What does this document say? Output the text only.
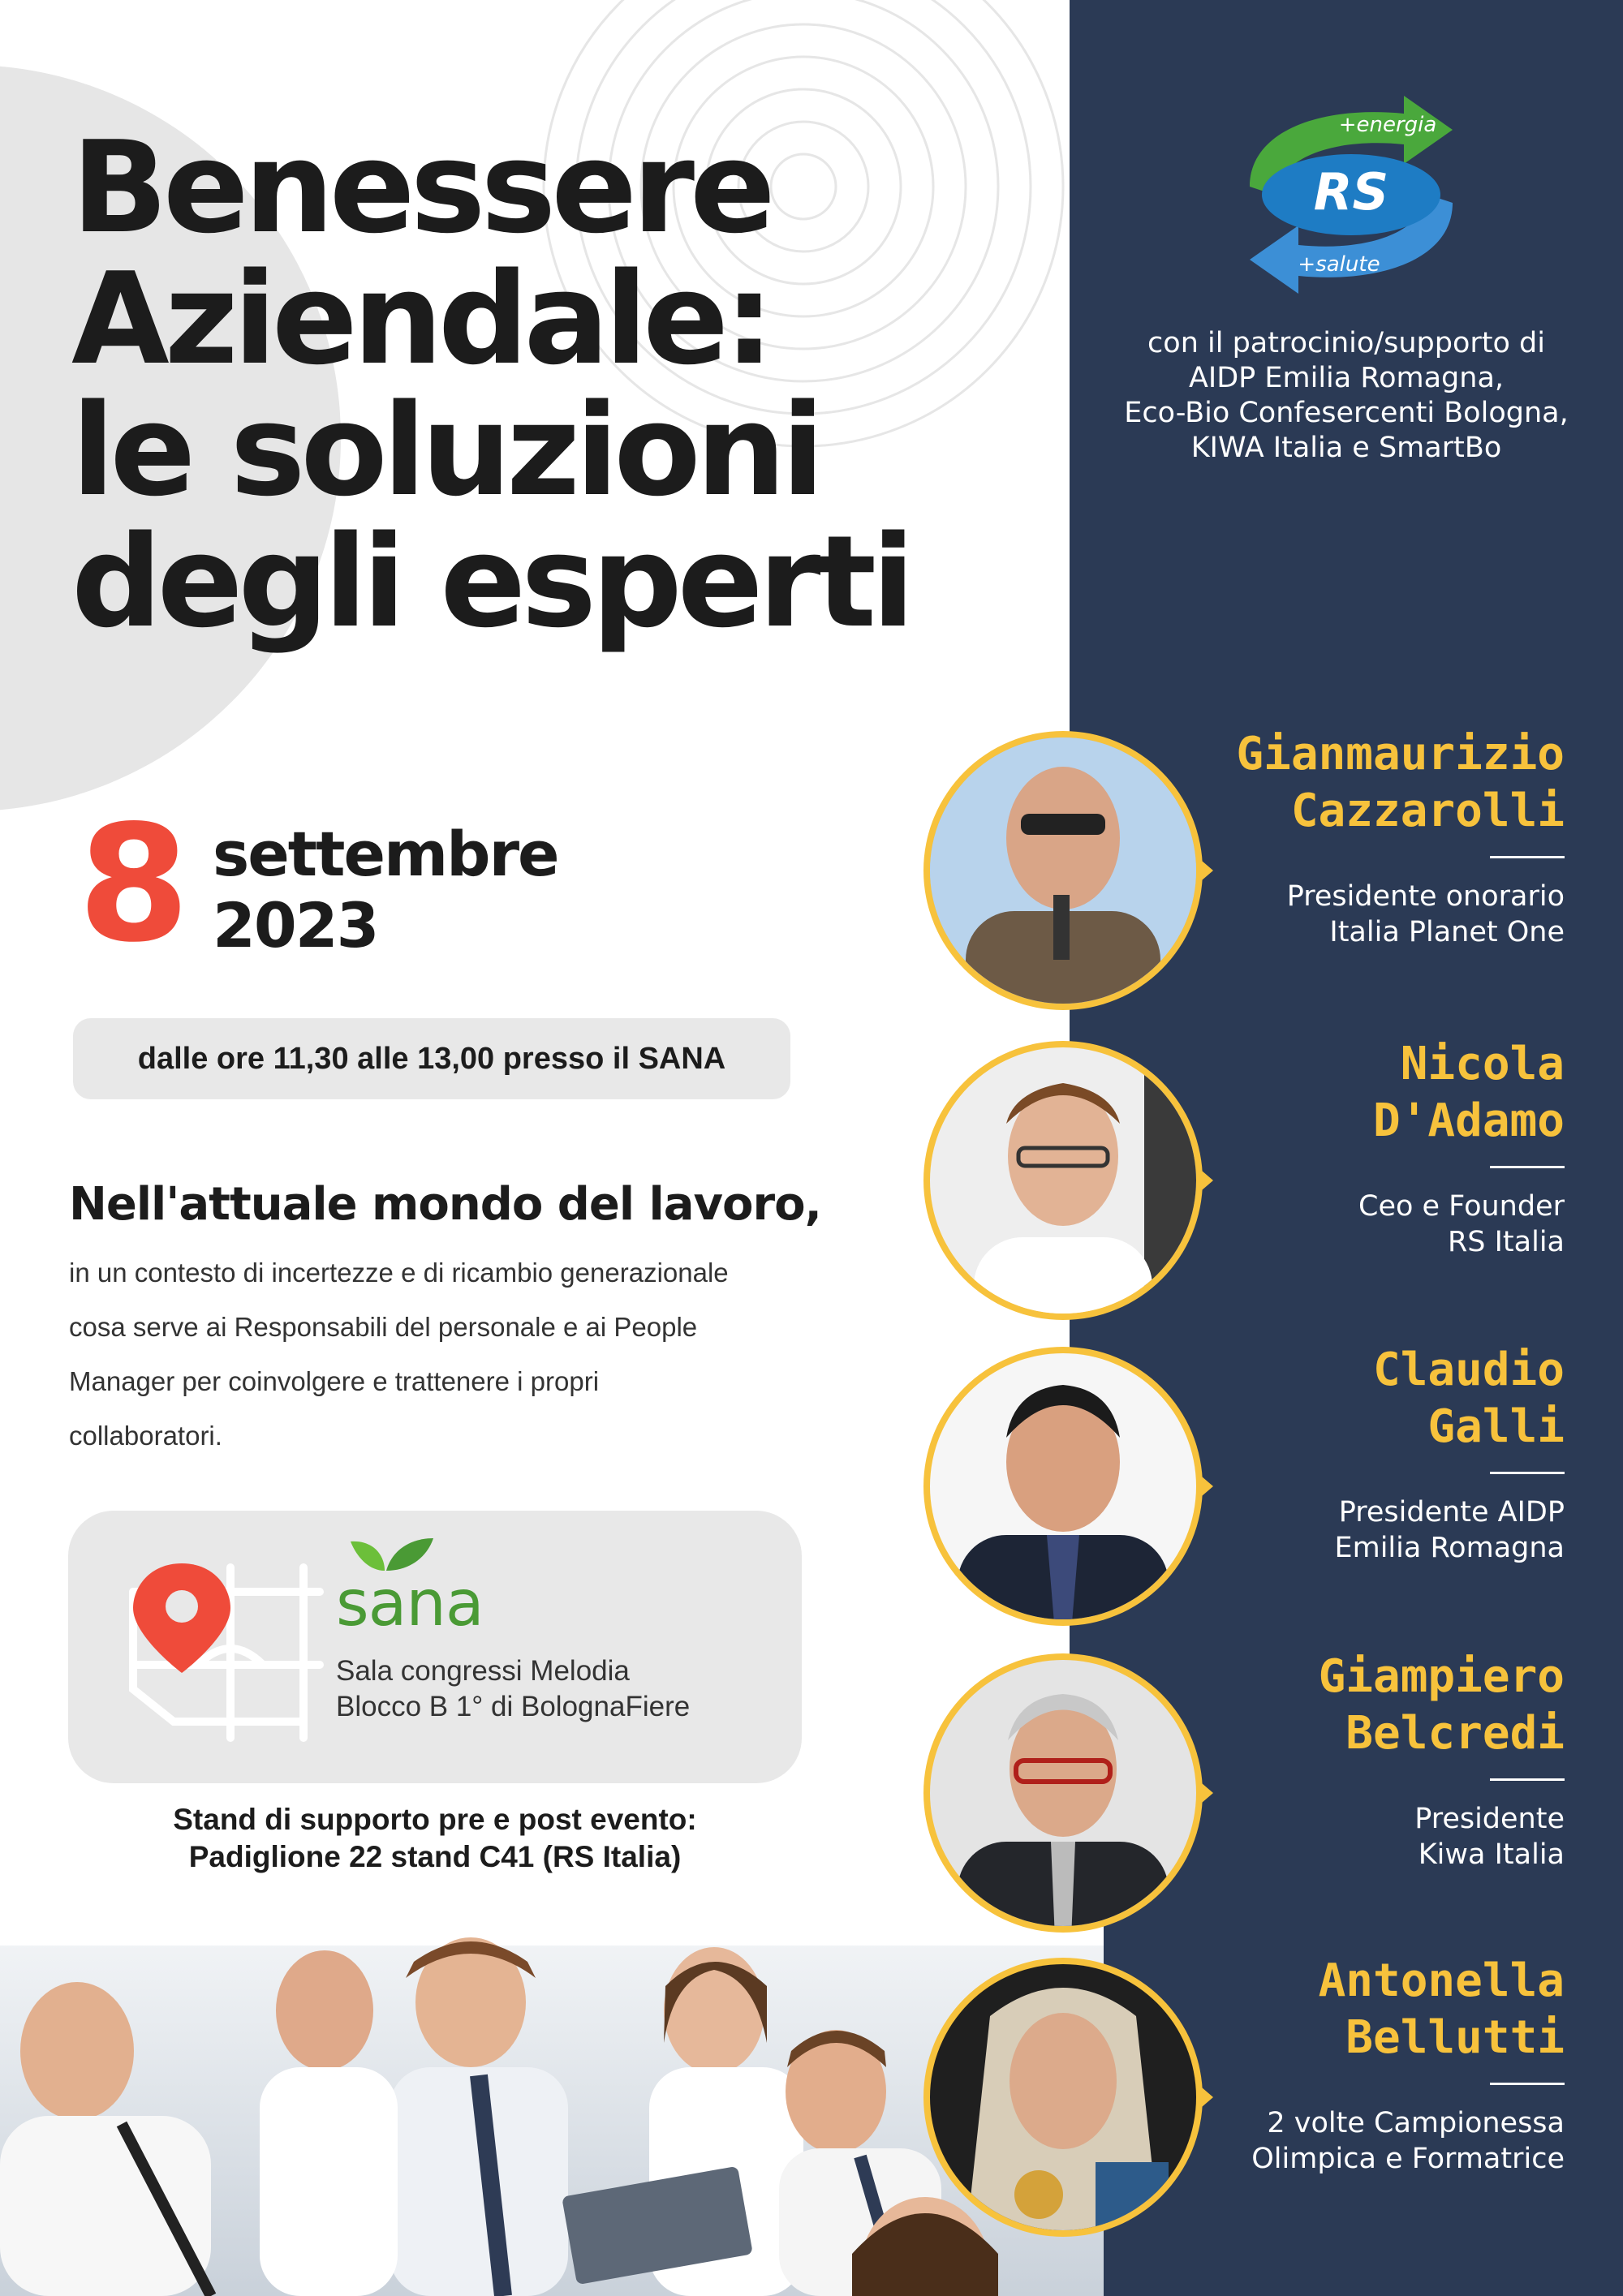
Benessere
Aziendale:
le soluzioni
degli esperti
8 settembre
2023
dalle ore 11,30 alle 13,00 presso il SANA
Nell'attuale mondo del lavoro,
in un contesto di incertezze e di ricambio generazionale
cosa serve ai Responsabili del personale e ai People
Manager per coinvolgere e trattenere i propri
collaboratori.
sana
Sala congressi Melodia
Blocco B 1° di BolognaFiere
Stand di supporto pre e post evento:
Padiglione 22 stand C41 (RS Italia)
RS
+energia
+salute
con il patrocinio/supporto di
AIDP Emilia Romagna,
Eco-Bio Confesercenti Bologna,
KIWA Italia e SmartBo
Gianmaurizio
Cazzarolli
Presidente onorario
Italia Planet One
Nicola
D'Adamo
Ceo e Founder
RS Italia
Claudio
Galli
Presidente AIDP
Emilia Romagna
Giampiero
Belcredi
Presidente
Kiwa Italia
Antonella
Bellutti
2 volte Campionessa
Olimpica e Formatrice
